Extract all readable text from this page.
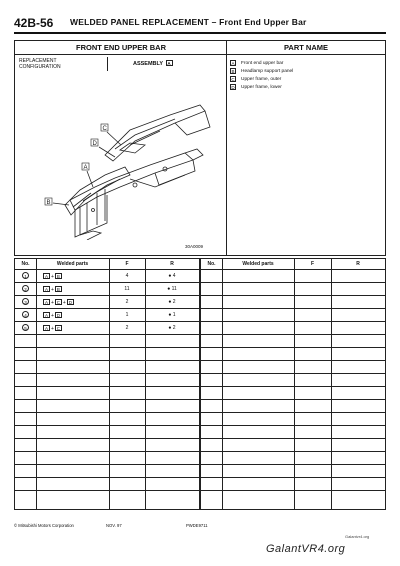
42B-56 WELDED PANEL REPLACEMENT – Front End Upper Bar
FRONT END UPPER BAR	PART NAME
REPLACEMENT
CONFIGURATION	ASSEMBLY A
C
D
A
B
30A0009
A	Front end upper bar
B	Headlamp support panel
C Upper frame, outer
D Upper frame, lower
No.	Welded parts	F	R	No.	Welded parts	F	R
1	A + B	4	● 4
2	A + B	11	● 11
3	A + C + D	2	● 2
4	A + D	1	● 1
5	A + C	2	● 2
© Mitsubishi Motors Corporation	NOV. 97	PWDE9711
Galantvr4.org
GalantVR4.org
